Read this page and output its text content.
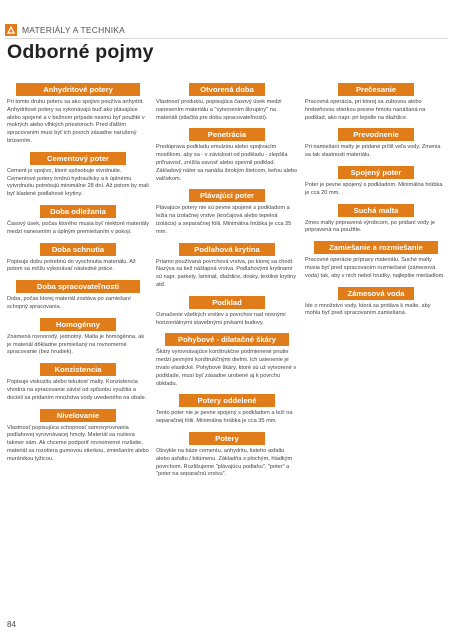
MATERIÁLY A TECHNIKA
Odborné pojmy
Anhydritové potery
Pri tomto druhu poteru sa ako spojivo používa anhydrit. Anhydritové potery sa vykonávajú buď ako plávajúce alebo spojené a v bežnom prípade nesmú byť použité v mokrých alebo vlhkých priestoroch. Pred ďalším spracovaním musí byť ich povrch zásadne narušený brúsením.
Cementový poter
Cement je spojivo, ktoré spôsobuje stvrdnutie. Cementové potery tvrdnú hydraulicky a k úplnému vytvrdnutiu potrebujú minimálne 28 dní. Až potom by mali byť kladené podlahové krytiny.
Doba odležania
Časový úsek, počas ktorého musia byť niektoré materiály medzi nanesením a úplným premiešaním v pokoji.
Doba schnutia
Popisuje dobu potrebnú do vyschnutia materiálu. Až potom sa môžu vykonávať následné práce.
Doba spracovateľnosti
Doba, počas ktorej materiál zostáva po zamiešaní schopný spracovania.
Homogénny
Znamená rovnorodý, jednotný. Malta je homogénna, ak je materiál dôkladne premiešaný na rovnomerné spracovanie (bez hrudiek).
Konzistencia
Popisuje viskozitu alebo tekutosť malty. Konzistencia vhodná na spracovanie závisí od spôsobu využitia a docieli sa pridaním množstva vody uvedeného na obale.
Nivelovanie
Vlastnosť popisujúca schopnosť samovyrovnania podlahovej vyrovnávacej hmoty. Materiál sa rozleva takmer sám. Ak chceme podporiť rovnomerné rozliatie, materiál sa rozotiera gumovou stierkou, zmiešaním alebo murárskou lyžicou.
Otvorená doba
Vlastnosť produktu, popisujúca časový úsek medzi nanesením materiálu a "vytvorením škrupiny" na materiáli (stlačitá pre dobu spracovateľnosti).
Penetrácia
Predúprava podkladu emulziou alebo spojivacím mostíkom, aby sa - v závislosti od podkladu - zlepšila priľnavosť, znížila savosť alebo spevnil podklad. Základový náter sa nanáša širokým štetcom, kefou alebo valčekom.
Plávajúci poter
Plávajúce potery nie sú pevne spojené s podkladom a ležia na izolačnej vrstve (kročajová alebo tepelná izolácia) a separačnej fólii. Minimálna hrúbka je cca 35 mm.
Podlahová krytina
Priamo používaná povrchová vrstva, po ktorej sa chodí. Nazýva sa tiež nášlapná vrstva. Podlahovými krytinami sú napr. parkety, laminát, dlaždice, dosky, textilné krytiny atď.
Podklad
Označenie všetkých vrstiev s povrchov nad nosnými horizontálnymi stavebnými prvkami budovy.
Pohybové - dilatačné škáry
Škáry vyrovnávajúce konštrukčne podmienené pnutie medzi pevnými konštrukčnými dielmi. Ich usienenie je trvalo elastické. Pohybové škáry, ktoré sú už vytvorené v podklade, musí byť zásadne urobené aj k povrchu obkladu.
Potery oddelené
Tento poter nie je pevne spojený s podkladom a leží na separačnej fólii. Minimálna hrúbka je cca 35 mm.
Potery
Obvykle na báze cementu, anhydritu, liateho asfaltu alebo asfaltu / bitúmenu. Základňa s plochým, hladkým povrchom. Rozlišujeme "plávajúcu podlahu", "poter" a "poter na separačnú vrstvu".
Prečesanie
Pracovná operácia, pri ktorej sa zubovou alebo hrebeňovou stierkou presne hmotu nanášaná na podklad, ako napr. pri lepidle na dlaždice.
Prevodnenie
Pri namiešaní malty je pridané príliš veľa vody. Zmenia sa tak vlastnosti materiálu.
Spojený poter
Poter je pevne spojený s podkladom. Minimálna hrúbka je cca 20 mm.
Suchá malta
Zmes malty pripravená výrobcom, po pridaní vody je pripravená na použitie.
Zamiešanie a rozmiešanie
Pracovné operácie prípravy materiálu. Suché malty musia byť pred spracovaním rozmiešané (zámesová voda) tak, aby v nich nebol hrudky, najlepšie miešadlom.
Zámesová voda
Ide o množstvo vody, ktorá sa pridáva k malte, aby mohla byť pred spracovaním zamiešaná.
84
